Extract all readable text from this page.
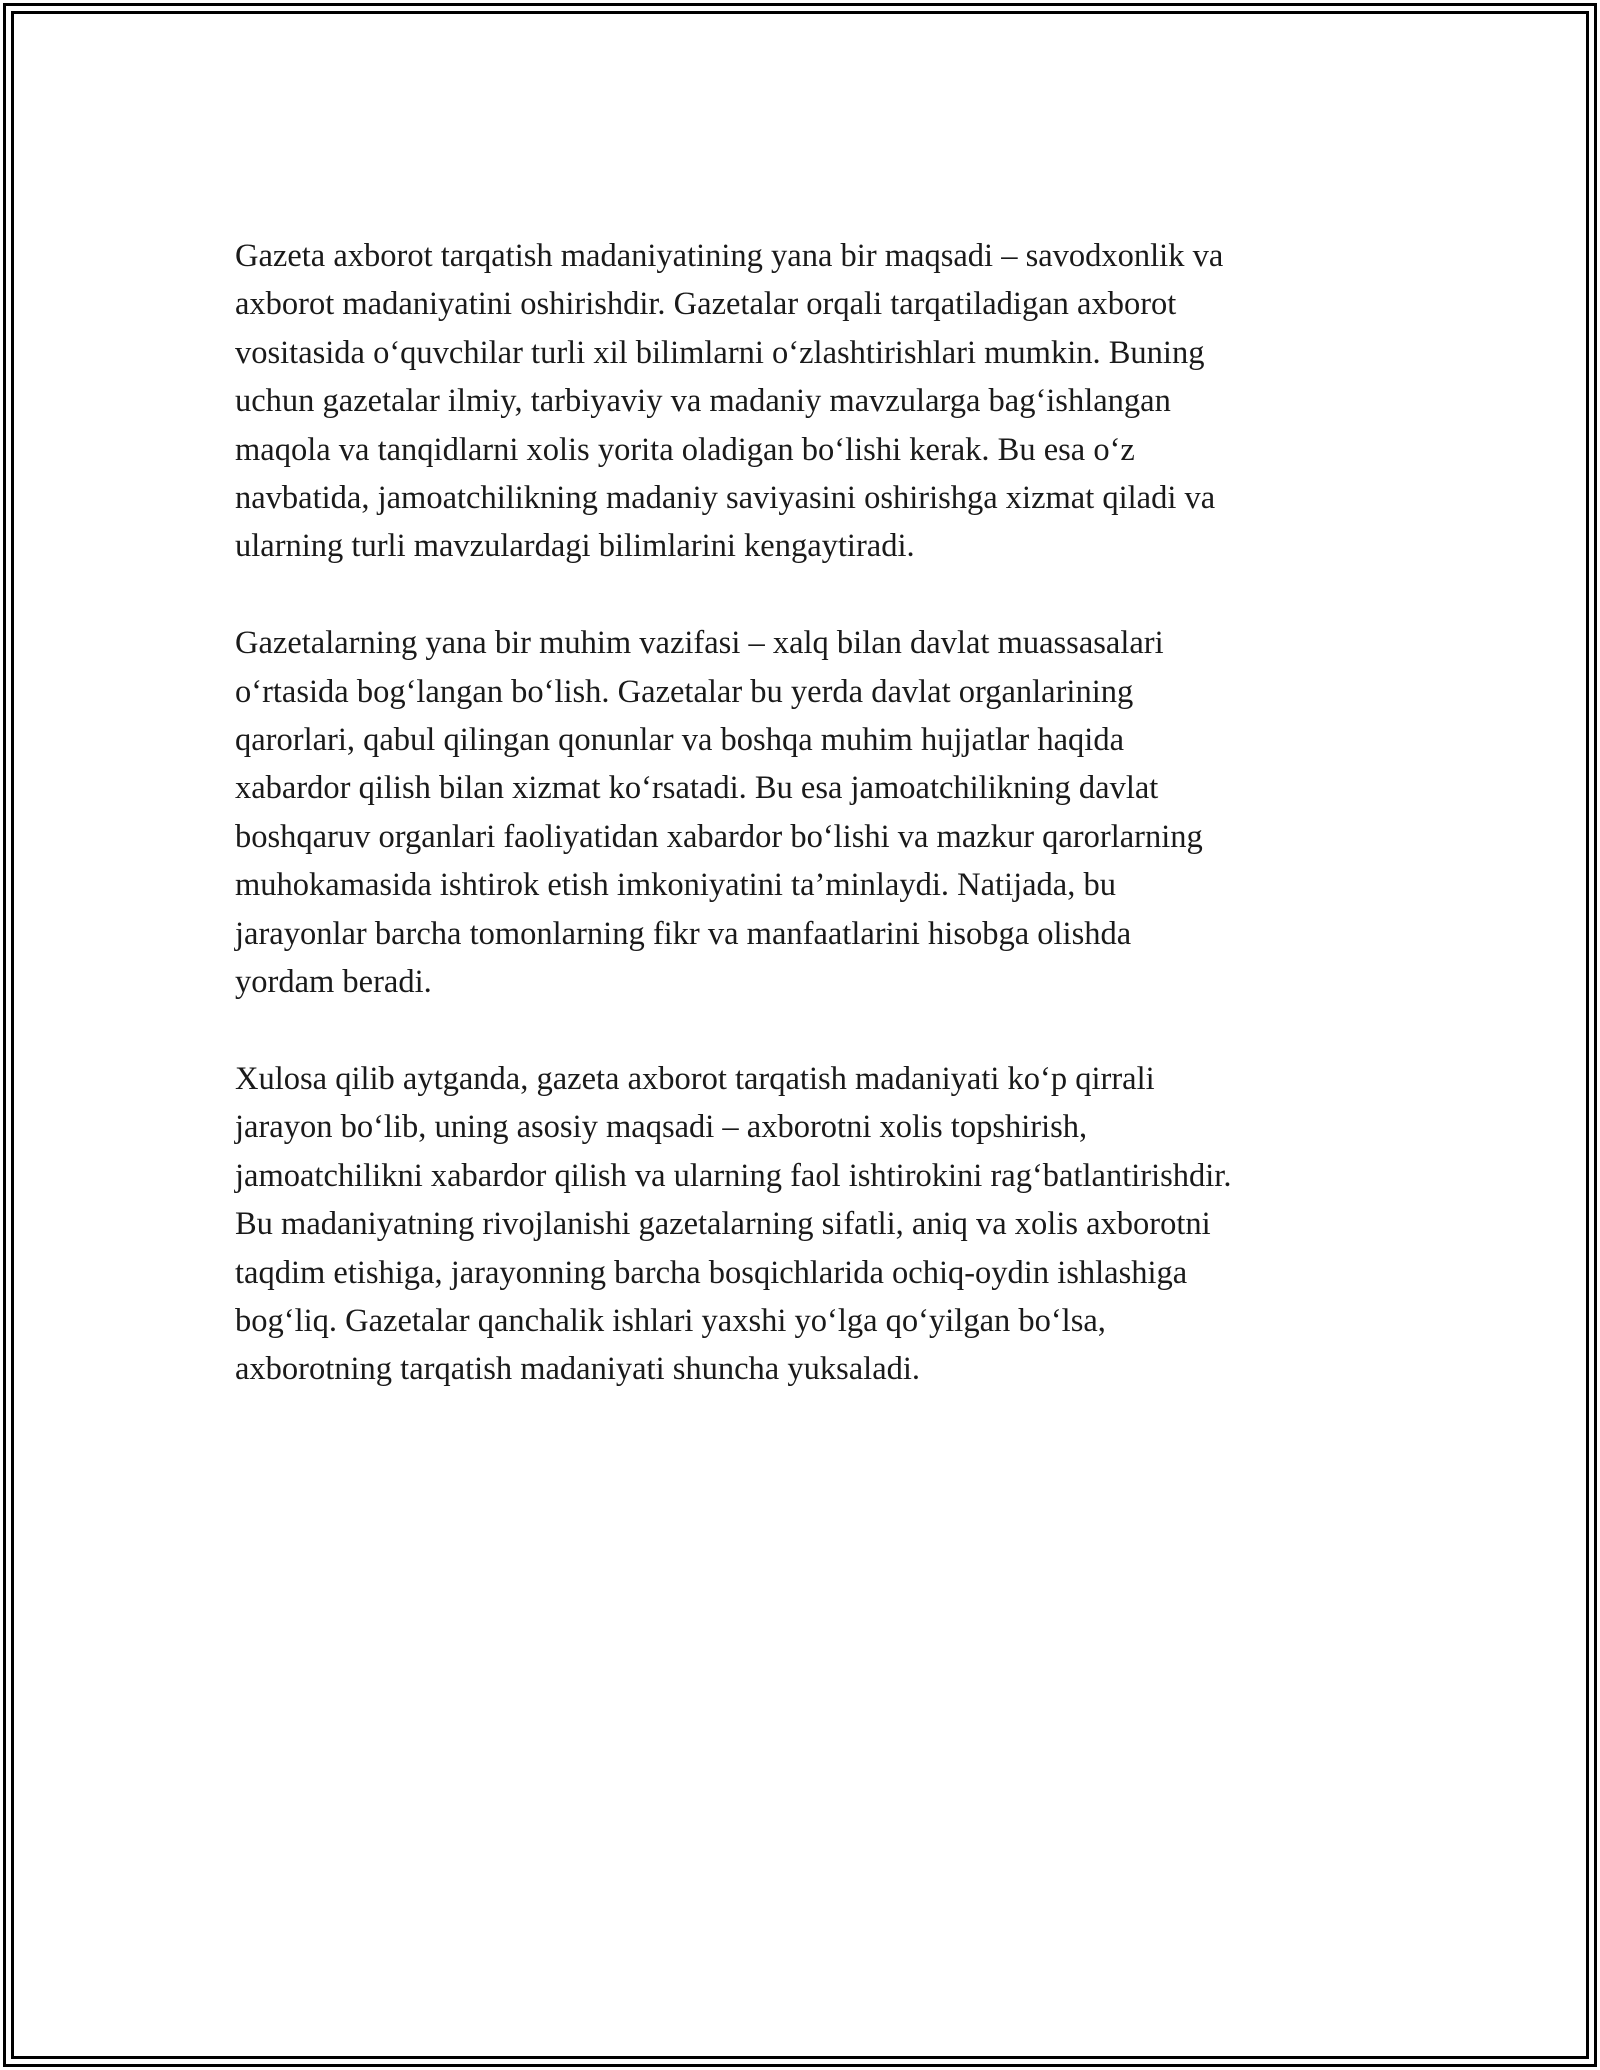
Gazeta axborot tarqatish madaniyatining yana bir maqsadi – savodxonlik va
axborot madaniyatini oshirishdir. Gazetalar orqali tarqatiladigan axborot
vositasida o‘quvchilar turli xil bilimlarni o‘zlashtirishlari mumkin. Buning
uchun gazetalar ilmiy, tarbiyaviy va madaniy mavzularga bag‘ishlangan
maqola va tanqidlarni xolis yorita oladigan bo‘lishi kerak. Bu esa o‘z
navbatida, jamoatchilikning madaniy saviyasini oshirishga xizmat qiladi va
ularning turli mavzulardagi bilimlarini kengaytiradi.

Gazetalarning yana bir muhim vazifasi – xalq bilan davlat muassasalari
o‘rtasida bog‘langan bo‘lish. Gazetalar bu yerda davlat organlarining
qarorlari, qabul qilingan qonunlar va boshqa muhim hujjatlar haqida
xabardor qilish bilan xizmat ko‘rsatadi. Bu esa jamoatchilikning davlat
boshqaruv organlari faoliyatidan xabardor bo‘lishi va mazkur qarorlarning
muhokamasida ishtirok etish imkoniyatini ta’minlaydi. Natijada, bu
jarayonlar barcha tomonlarning fikr va manfaatlarini hisobga olishda
yordam beradi.

Xulosa qilib aytganda, gazeta axborot tarqatish madaniyati ko‘p qirrali
jarayon bo‘lib, uning asosiy maqsadi – axborotni xolis topshirish,
jamoatchilikni xabardor qilish va ularning faol ishtirokini rag‘batlantirishdir.
Bu madaniyatning rivojlanishi gazetalarning sifatli, aniq va xolis axborotni
taqdim etishiga, jarayonning barcha bosqichlarida ochiq-oydin ishlashiga
bog‘liq. Gazetalar qanchalik ishlari yaxshi yo‘lga qo‘yilgan bo‘lsa,
axborotning tarqatish madaniyati shuncha yuksaladi.
